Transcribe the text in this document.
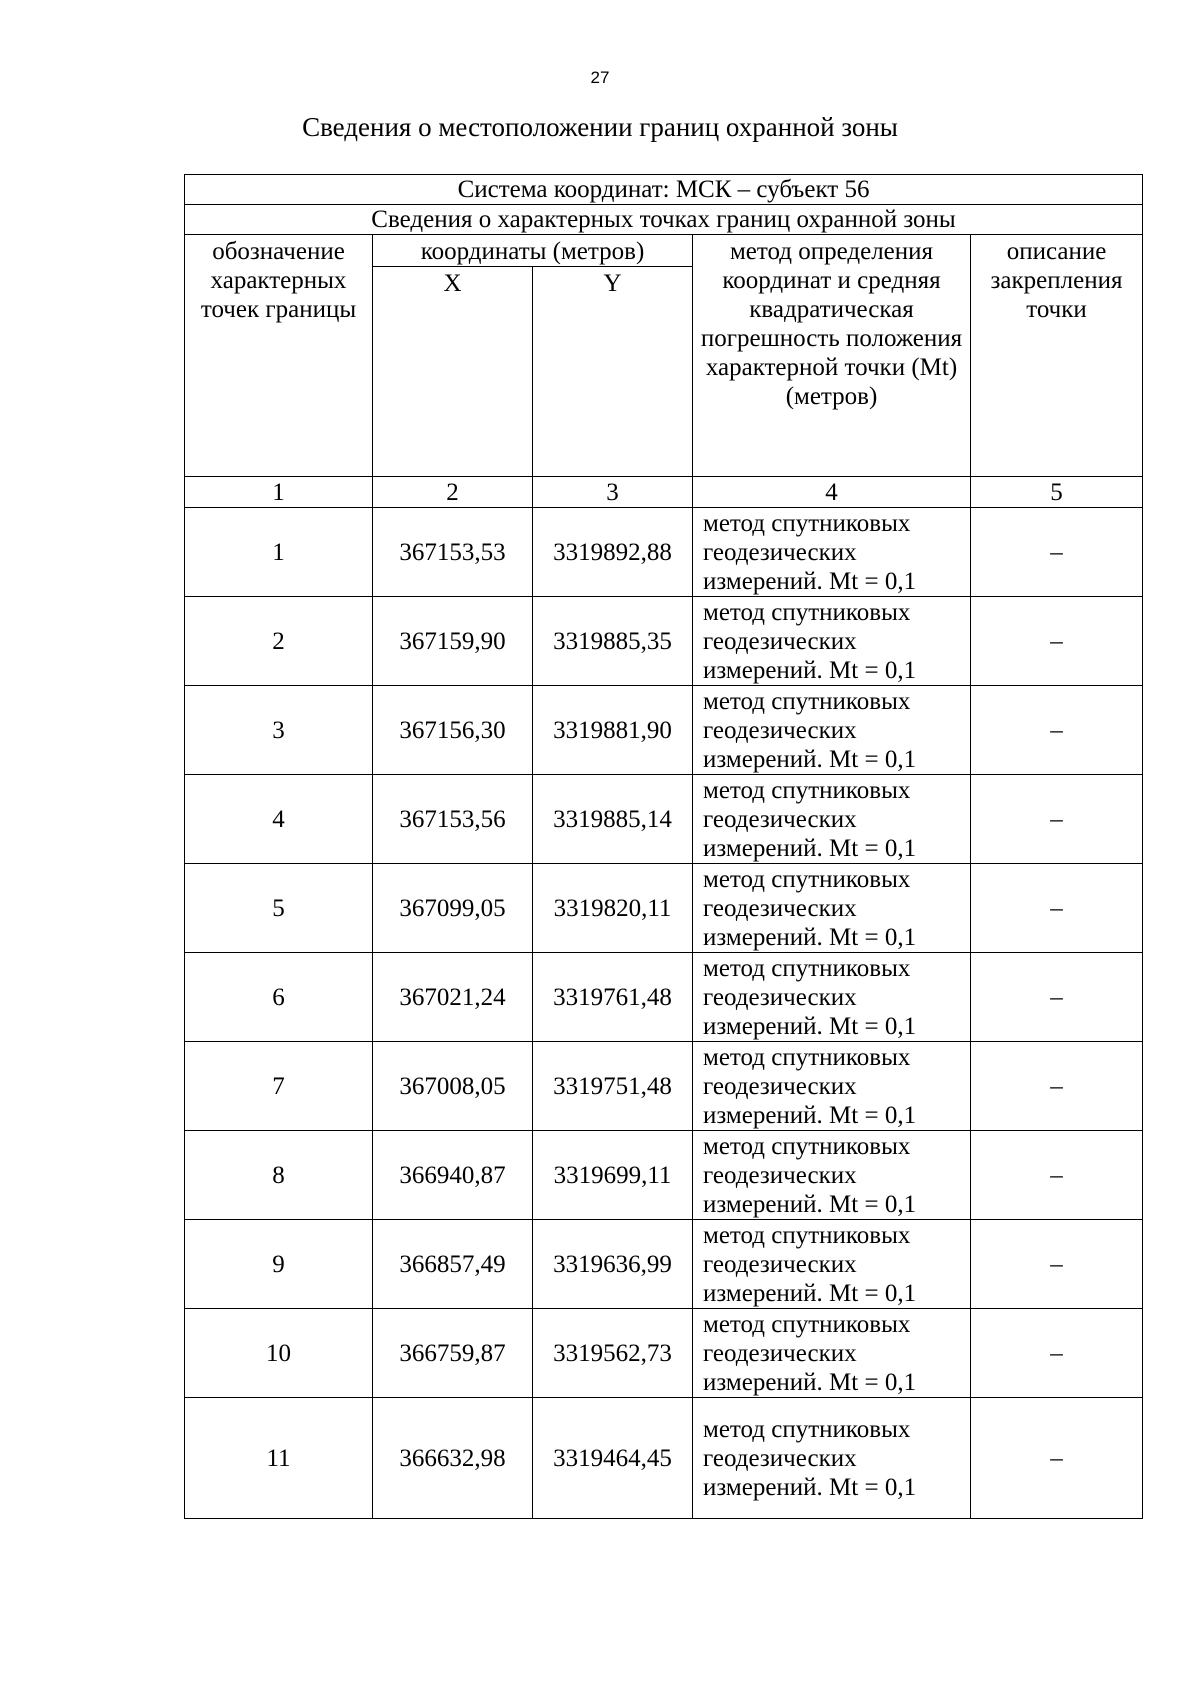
27
Сведения о местоположении границ охранной зоны
Система координат: МСК – субъект 56				
Сведения о характерных точках границ охранной зоны				
обозначение характерных точек границы	координаты (метров)		метод определения координат и средняя квадратическая погрешность положения характерной точки (Mt) (метров)	описание закрепления точки
	X	Y		
1	2	3	4	5
1	367153,53	3319892,88	метод спутниковых геодезических измерений. Mt = 0,1	–
2	367159,90	3319885,35	метод спутниковых геодезических измерений. Mt = 0,1	–
3	367156,30	3319881,90	метод спутниковых геодезических измерений. Mt = 0,1	–
4	367153,56	3319885,14	метод спутниковых геодезических измерений. Mt = 0,1	–
5	367099,05	3319820,11	метод спутниковых геодезических измерений. Mt = 0,1	–
6	367021,24	3319761,48	метод спутниковых геодезических измерений. Mt = 0,1	–
7	367008,05	3319751,48	метод спутниковых геодезических измерений. Mt = 0,1	–
8	366940,87	3319699,11	метод спутниковых геодезических измерений. Mt = 0,1	–
9	366857,49	3319636,99	метод спутниковых геодезических измерений. Mt = 0,1	–
10	366759,87	3319562,73	метод спутниковых геодезических измерений. Mt = 0,1	–
11	366632,98	3319464,45	метод спутниковых геодезических измерений. Mt = 0,1	–
